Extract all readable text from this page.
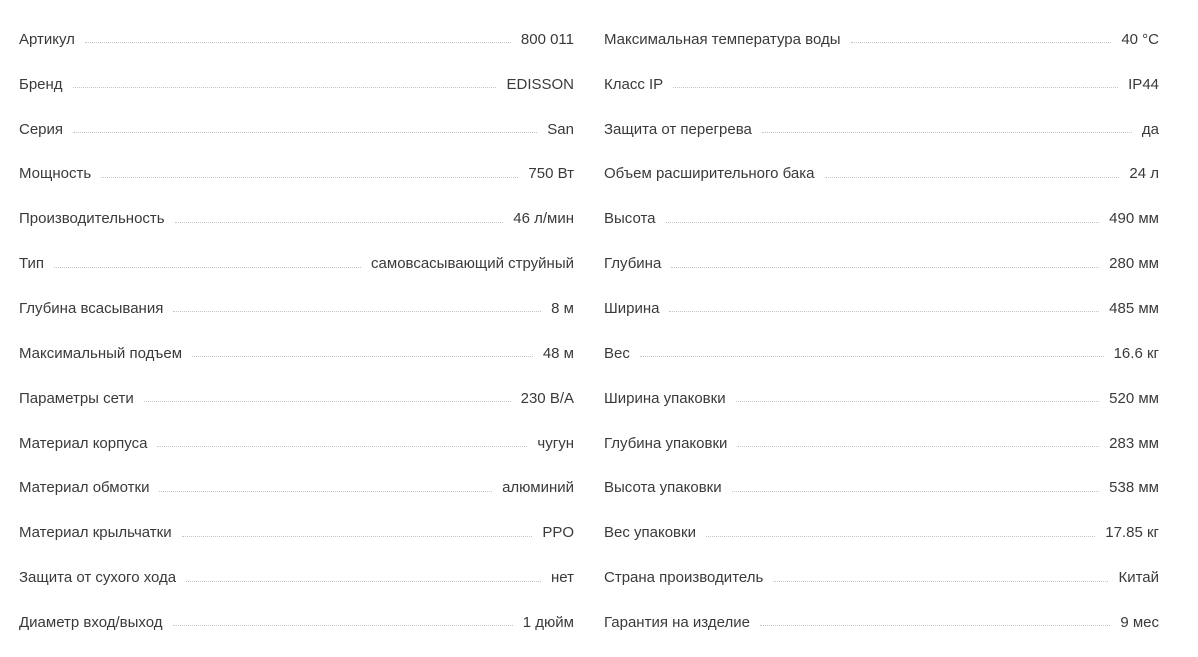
Артикул	800 011
Бренд	EDISSON
Серия	San
Мощность	750 Вт
Производительность	46 л/мин
Тип	самовсасывающий струйный
Глубина всасывания	8 м
Максимальный подъем	48 м
Параметры сети	230 В/А
Материал корпуса	чугун
Материал обмотки	алюминий
Материал крыльчатки	PPO
Защита от сухого хода	нет
Диаметр вход/выход	1 дюйм
Максимальная температура воды	40 °C
Класс IP	IP44
Защита от перегрева	да
Объем расширительного бака	24 л
Высота	490 мм
Глубина	280 мм
Ширина	485 мм
Вес	16.6 кг
Ширина упаковки	520 мм
Глубина упаковки	283 мм
Высота упаковки	538 мм
Вес упаковки	17.85 кг
Страна производитель	Китай
Гарантия на изделие	9 мес
